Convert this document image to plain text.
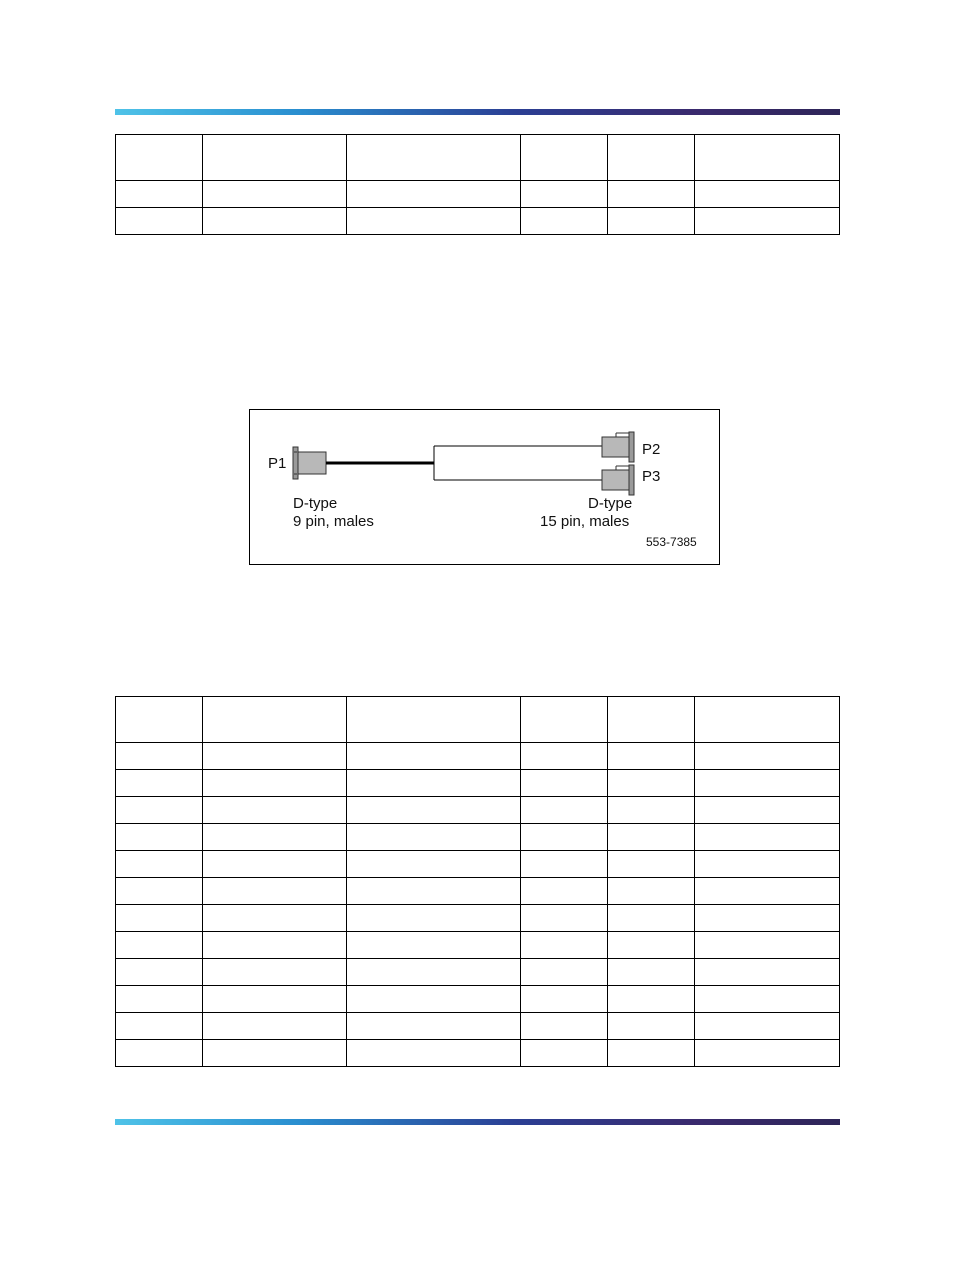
P1
D-type
9 pin, males
P2
P3
D-type
15 pin, males
553-7385
